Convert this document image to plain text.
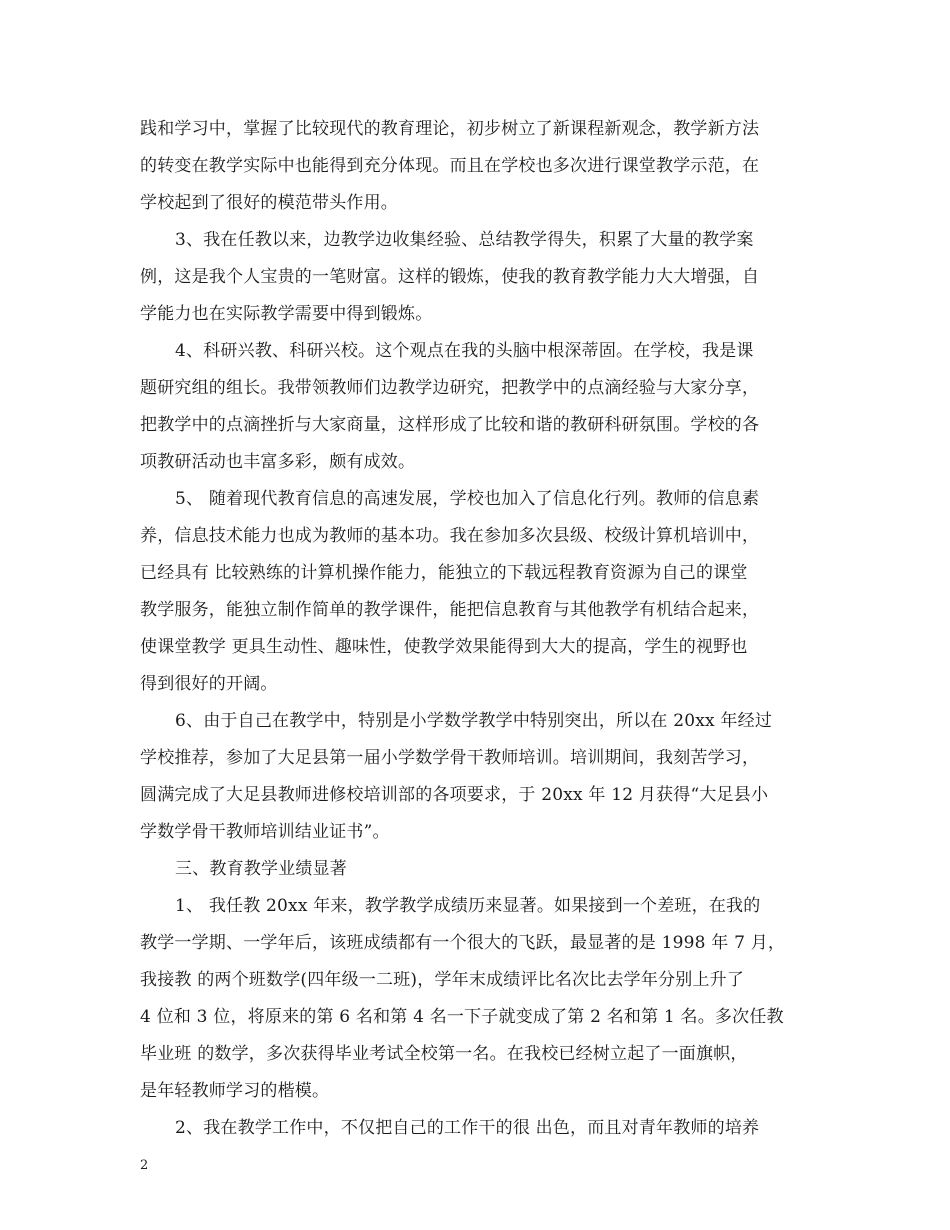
践和学习中，掌握了比较现代的教育理论，初步树立了新课程新观念，教学新方法
的转变在教学实际中也能得到充分体现。而且在学校也多次进行课堂教学示范，在
学校起到了很好的模范带头作用。
3、我在任教以来，边教学边收集经验、总结教学得失，积累了大量的教学案
例，这是我个人宝贵的一笔财富。这样的锻炼，使我的教育教学能力大大增强，自
学能力也在实际教学需要中得到锻炼。
4、科研兴教、科研兴校。这个观点在我的头脑中根深蒂固。在学校，我是课
题研究组的组长。我带领教师们边教学边研究，把教学中的点滴经验与大家分享，
把教学中的点滴挫折与大家商量，这样形成了比较和谐的教研科研氛围。学校的各
项教研活动也丰富多彩，颇有成效。
5、 随着现代教育信息的高速发展，学校也加入了信息化行列。教师的信息素
养，信息技术能力也成为教师的基本功。我在参加多次县级、校级计算机培训中，
已经具有 比较熟练的计算机操作能力，能独立的下载远程教育资源为自己的课堂
教学服务，能独立制作简单的教学课件，能把信息教育与其他教学有机结合起来，
使课堂教学 更具生动性、趣味性，使教学效果能得到大大的提高，学生的视野也
得到很好的开阔。
6、由于自己在教学中，特别是小学数学教学中特别突出，所以在 20xx 年经过
学校推荐，参加了大足县第一届小学数学骨干教师培训。培训期间，我刻苦学习，
圆满完成了大足县教师进修校培训部的各项要求，于 20xx 年 12 月获得“大足县小
学数学骨干教师培训结业证书”。
三、教育教学业绩显著
1、 我任教 20xx 年来，教学教学成绩历来显著。如果接到一个差班，在我的
教学一学期、一学年后，该班成绩都有一个很大的飞跃，最显著的是 1998 年 7 月，
我接教 的两个班数学(四年级一二班)，学年末成绩评比名次比去学年分别上升了
4 位和 3 位，将原来的第 6 名和第 4 名一下子就变成了第 2 名和第 1 名。多次任教
毕业班 的数学，多次获得毕业考试全校第一名。在我校已经树立起了一面旗帜，
是年轻教师学习的楷模。
2、我在教学工作中，不仅把自己的工作干的很 出色，而且对青年教师的培养
2
